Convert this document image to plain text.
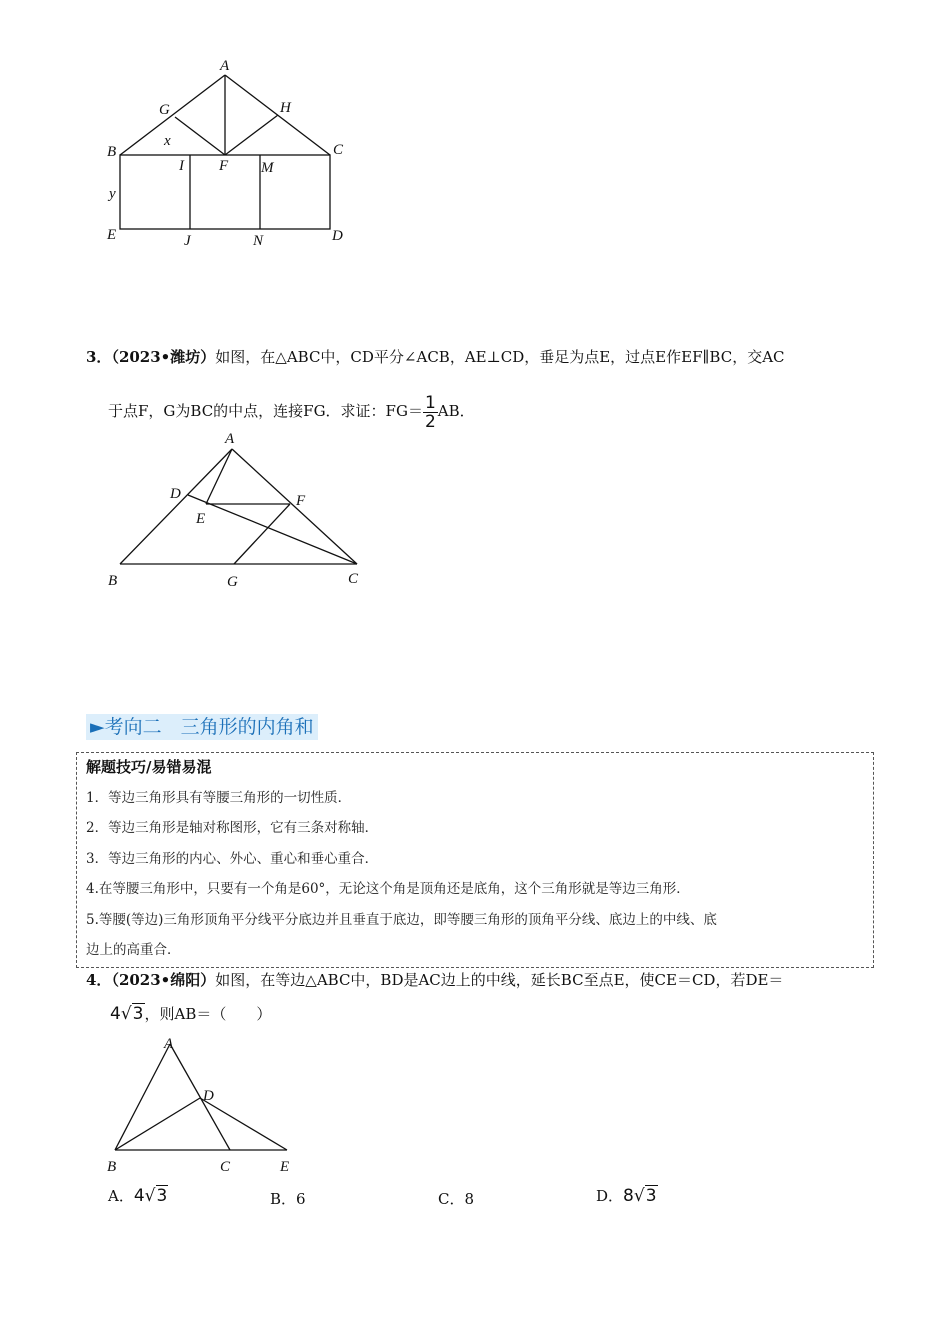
A
G	H
B	C
x
I F M
y
E	J	N	D
3．（2023•潍坊）如图，在△ABC中，CD平分∠ACB，AE⊥CD，垂足为点E，过点E作EF∥BC，交AC
于点F，G为BC的中点，连接FG．求证：$FG= \frac{1}{2}$ AB．
A
D	F
E
B	G	C
►考向二　三角形的内角和
解题技巧/易错易混
1．等边三角形具有等腰三角形的一切性质．
2．等边三角形是轴对称图形，它有三条对称轴．
3．等边三角形的内心、外心、重心和垂心重合．
4.在等腰三角形中，只要有一个角是60°，无论这个角是顶角还是底角，这个三角形就是等边三角形．
5.等腰(等边)三角形顶角平分线平分底边并且垂直于底边，即等腰三角形的顶角平分线、底边上的中线、底
边上的高重合．
4．（2023•绵阳）如图，在等边△ABC中，BD是AC边上的中线，延长BC至点E，使CE＝CD，若DE＝
4√3，则AB＝（　　）
A
D
B	C	E
A．4√3	B．6	C．8	D．8√3
